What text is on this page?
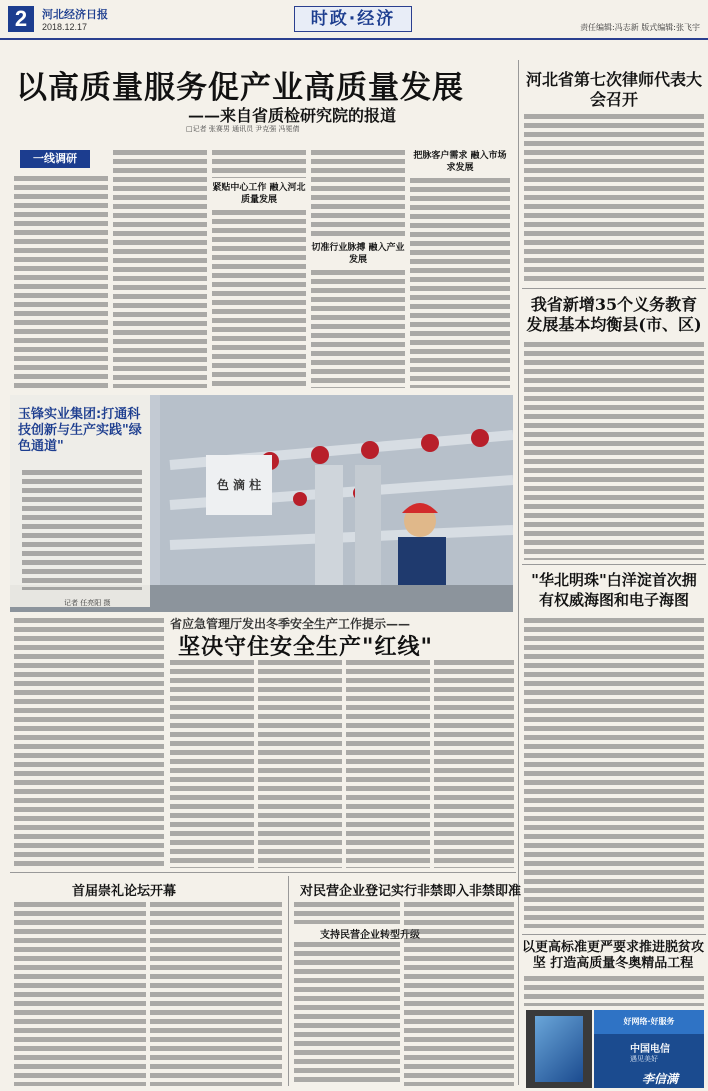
2	河北经济日报
2018.12.17	时政·经济	责任编辑:冯志新 版式编辑:张飞宇
以高质量服务促产业高质量发展
——来自省质检研究院的报道
□记者 张赛男 通讯员 尹克强 冯冕倩
一线调研
紧贴中心工作 融入河北质量发展
切准行业脉搏 融入产业发展
把脉客户需求 融入市场求发展
色 滴 柱
玉锋实业集团:打通科技创新与生产实践"绿色通道"
记者 任亮阳 摄
省应急管理厅发出冬季安全生产工作提示——
坚决守住安全生产"红线"
河北省第七次律师代表大会召开
我省新增35个义务教育发展基本均衡县(市、区)
"华北明珠"白洋淀首次拥有权威海图和电子海图
以更高标准更严要求推进脱贫攻坚 打造高质量冬奥精品工程
首届崇礼论坛开幕	对民营企业登记实行非禁即入非禁即准
支持民营企业转型升级
好网络·好服务
中国电信
遇见美好
李信满
